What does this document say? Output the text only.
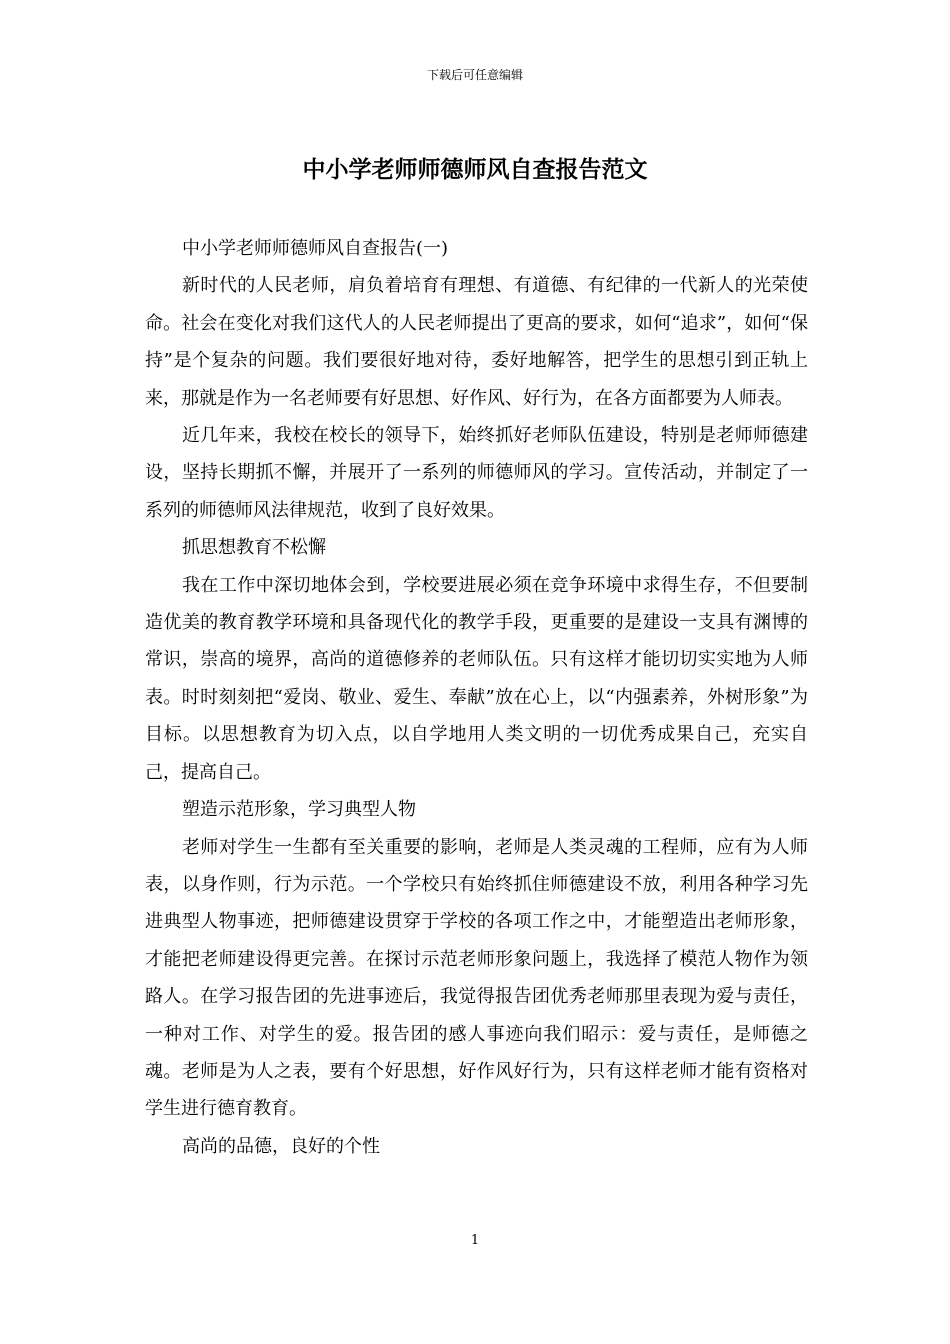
下载后可任意编辑
中小学老师师德师风自查报告范文

中小学老师师德师风自查报告(一)

新时代的人民老师，肩负着培育有理想、有道德、有纪律的一代新人的光荣使命。社会在变化对我们这代人的人民老师提出了更高的要求，如何“追求”，如何“保持”是个复杂的问题。我们要很好地对待，委好地解答，把学生的思想引到正轨上来，那就是作为一名老师要有好思想、好作风、好行为，在各方面都要为人师表。

近几年来，我校在校长的领导下，始终抓好老师队伍建设，特别是老师师德建设，坚持长期抓不懈，并展开了一系列的师德师风的学习。宣传活动，并制定了一系列的师德师风法律规范，收到了良好效果。

抓思想教育不松懈

我在工作中深切地体会到，学校要进展必须在竞争环境中求得生存，不但要制造优美的教育教学环境和具备现代化的教学手段，更重要的是建设一支具有渊博的常识，崇高的境界，高尚的道德修养的老师队伍。只有这样才能切切实实地为人师表。时时刻刻把“爱岗、敬业、爱生、奉献”放在心上，以“内强素养，外树形象”为目标。以思想教育为切入点，以自学地用人类文明的一切优秀成果自己，充实自己，提高自己。

塑造示范形象，学习典型人物

老师对学生一生都有至关重要的影响，老师是人类灵魂的工程师，应有为人师表，以身作则，行为示范。一个学校只有始终抓住师德建设不放，利用各种学习先进典型人物事迹，把师德建设贯穿于学校的各项工作之中，才能塑造出老师形象，才能把老师建设得更完善。在探讨示范老师形象问题上，我选择了模范人物作为领路人。在学习报告团的先进事迹后，我觉得报告团优秀老师那里表现为爱与责任，一种对工作、对学生的爱。报告团的感人事迹向我们昭示：爱与责任，是师德之魂。老师是为人之表，要有个好思想，好作风好行为，只有这样老师才能有资格对学生进行德育教育。

高尚的品德，良好的个性

1
